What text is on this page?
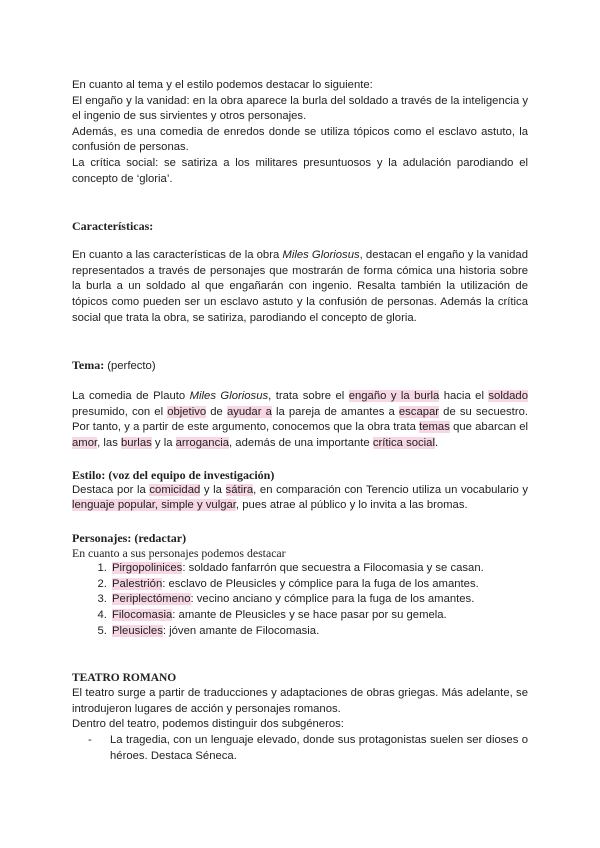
En cuanto al tema y el estilo podemos destacar lo siguiente:

El engaño y la vanidad: en la obra aparece la burla del soldado a través de la inteligencia y el ingenio de sus sirvientes y otros personajes.

Además, es una comedia de enredos donde se utiliza tópicos como el esclavo astuto, la confusión de personas.

La crítica social: se satiriza a los militares presuntuosos y la adulación parodiando el concepto de ‘gloria’.

Características:

En cuanto a las características de la obra Miles Gloriosus, destacan el engaño y la vanidad representados a través de personajes que mostrarán de forma cómica una historia sobre la burla a un soldado al que engañarán con ingenio. Resalta también la utilización de tópicos como pueden ser un esclavo astuto y la confusión de personas. Además la crítica social que trata la obra, se satiriza, parodiando el concepto de gloria.

Tema: (perfecto)

La comedia de Plauto Miles Gloriosus, trata sobre el engaño y la burla hacia el soldado presumido, con el objetivo de ayudar a la pareja de amantes a escapar de su secuestro. Por tanto, y a partir de este argumento, conocemos que la obra trata temas que abarcan el amor, las burlas y la arrogancia, además de una importante crítica social.

Estilo: (voz del equipo de investigación)

Destaca por la comicidad y la sátira, en comparación con Terencio utiliza un vocabulario y lenguaje popular, simple y vulgar, pues atrae al público y lo invita a las bromas.

Personajes: (redactar)

En cuanto a sus personajes podemos destacar

1. Pirgopolinices: soldado fanfarrón que secuestra a Filocomasia y se casan.
2. Palestrión: esclavo de Pleusicles y cómplice para la fuga de los amantes.
3. Periplectómeno: vecino anciano y cómplice para la fuga de los amantes.
4. Filocomasia: amante de Pleusicles y se hace pasar por su gemela.
5. Pleusicles: jóven amante de Filocomasia.
TEATRO ROMANO

El teatro surge a partir de traducciones y adaptaciones de obras griegas. Más adelante, se introdujeron lugares de acción y personajes romanos.

Dentro del teatro, podemos distinguir dos subgéneros:

- La tragedia, con un lenguaje elevado, donde sus protagonistas suelen ser dioses o héroes. Destaca Séneca.
